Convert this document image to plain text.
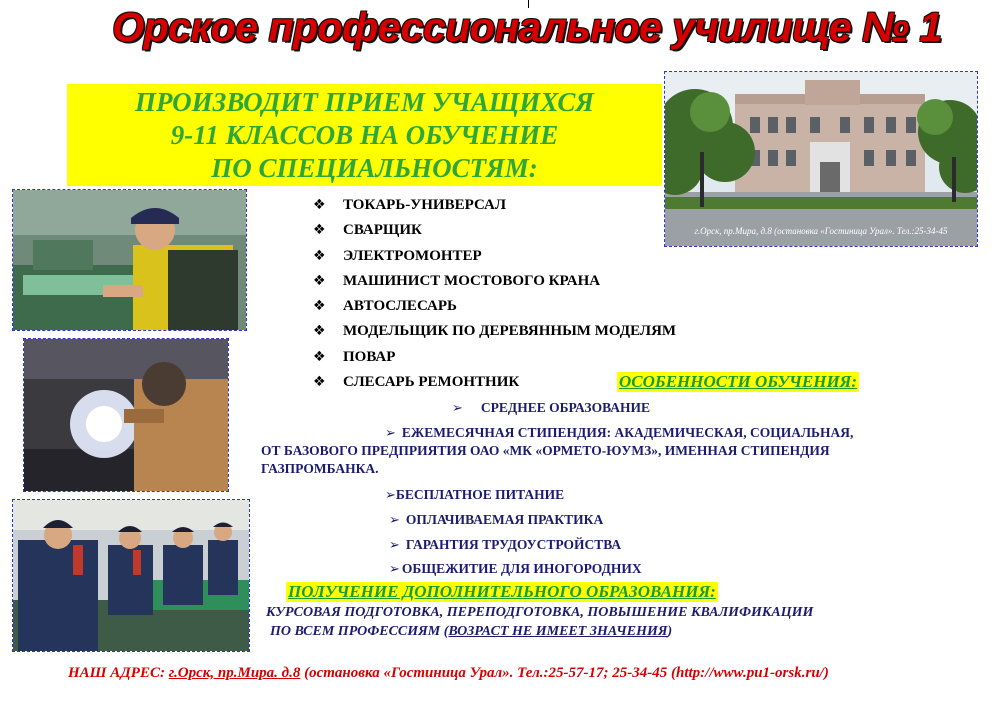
Орское профессиональное училище № 1
ПРОИЗВОДИТ ПРИЕМ УЧАЩИХСЯ
9-11 КЛАССОВ НА ОБУЧЕНИЕ
ПО СПЕЦИАЛЬНОСТЯМ:
г.Орск, пр.Мира, д.8 (остановка «Гостиница Урал». Тел.:25-34-45
❖ ТОКАРЬ-УНИВЕРСАЛ
❖ СВАРЩИК
❖ ЭЛЕКТРОМОНТЕР
❖ МАШИНИСТ МОСТОВОГО КРАНА
❖ АВТОСЛЕСАРЬ
❖ МОДЕЛЬЩИК ПО ДЕРЕВЯННЫМ МОДЕЛЯМ
❖ ПОВАР
❖ СЛЕСАРЬ РЕМОНТНИК	ОСОБЕННОСТИ ОБУЧЕНИЯ:
➢ СРЕДНЕЕ ОБРАЗОВАНИЕ
➢ ЕЖЕМЕСЯЧНАЯ СТИПЕНДИЯ: АКАДЕМИЧЕСКАЯ, СОЦИАЛЬНАЯ,
ОТ БАЗОВОГО ПРЕДПРИЯТИЯ ОАО «МК «ОРМЕТО-ЮУМЗ», ИМЕННАЯ СТИПЕНДИЯ
ГАЗПРОМБАНКА.
➢БЕСПЛАТНОЕ ПИТАНИЕ
➢ ОПЛАЧИВАЕМАЯ ПРАКТИКА
➢ ГАРАНТИЯ ТРУДОУСТРОЙСТВА
➢ ОБЩЕЖИТИЕ ДЛЯ ИНОГОРОДНИХ
ПОЛУЧЕНИЕ ДОПОЛНИТЕЛЬНОГО ОБРАЗОВАНИЯ:
КУРСОВАЯ ПОДГОТОВКА, ПЕРЕПОДГОТОВКА, ПОВЫШЕНИЕ КВАЛИФИКАЦИИ
ПО ВСЕМ ПРОФЕССИЯМ (ВОЗРАСТ НЕ ИМЕЕТ ЗНАЧЕНИЯ)
НАШ АДРЕС: г.Орск, пр.Мира. д.8 (остановка «Гостиница Урал». Тел.:25-57-17; 25-34-45 (http://www.pu1-orsk.ru/)
